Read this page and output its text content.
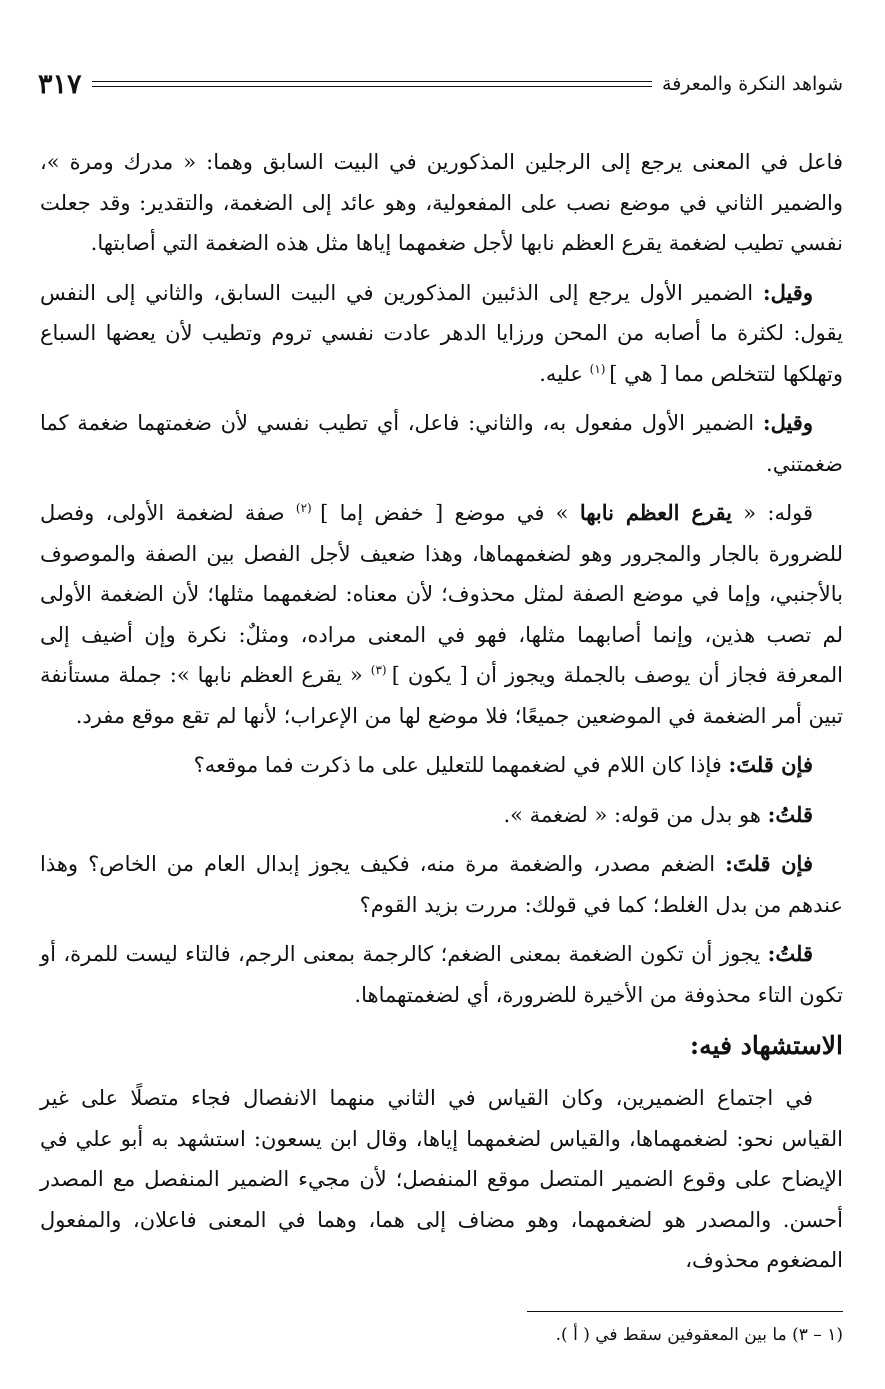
شواهد النكرة والمعرفة
٣١٧

فاعل في المعنى يرجع إلى الرجلين المذكورين في البيت السابق وهما: « مدرك ومرة »، والضمير الثاني في موضع نصب على المفعولية، وهو عائد إلى الضغمة، والتقدير: وقد جعلت نفسي تطيب لضغمة يقرع العظم نابها لأجل ضغمهما إياها مثل هذه الضغمة التي أصابتها.

وقيل: الضمير الأول يرجع إلى الذئبين المذكورين في البيت السابق، والثاني إلى النفس يقول: لكثرة ما أصابه من المحن ورزايا الدهر عادت نفسي تروم وتطيب لأن يعضها السباع وتهلكها لتتخلص مما [ هي ] $^{(١)}$ عليه.

وقيل: الضمير الأول مفعول به، والثاني: فاعل، أي تطيب نفسي لأن ضغمتهما ضغمة كما ضغمتني.

قوله: « يقرع العظم نابها » في موضع [ خفض إما ] $^{(٢)}$ صفة لضغمة الأولى، وفصل للضرورة بالجار والمجرور وهو لضغمهماها، وهذا ضعيف لأجل الفصل بين الصفة والموصوف بالأجنبي، وإما في موضع الصفة لمثل محذوف؛ لأن معناه: لضغمهما مثلها؛ لأن الضغمة الأولى لم تصب هذين، وإنما أصابهما مثلها، فهو في المعنى مراده، ومثلٌ: نكرة وإن أضيف إلى المعرفة فجاز أن يوصف بالجملة ويجوز أن [ يكون ] $^{(٣)}$ « يقرع العظم نابها »: جملة مستأنفة تبين أمر الضغمة في الموضعين جميعًا؛ فلا موضع لها من الإعراب؛ لأنها لم تقع موقع مفرد.

فإن قلتَ: فإذا كان اللام في لضغمهما للتعليل على ما ذكرت فما موقعه؟

قلتُ: هو بدل من قوله: « لضغمة ».

فإن قلتَ: الضغم مصدر، والضغمة مرة منه، فكيف يجوز إبدال العام من الخاص؟ وهذا عندهم من بدل الغلط؛ كما في قولك: مررت بزيد القوم؟

قلتُ: يجوز أن تكون الضغمة بمعنى الضغم؛ كالرجمة بمعنى الرجم، فالتاء ليست للمرة، أو تكون التاء محذوفة من الأخيرة للضرورة، أي لضغمتهماها.

الاستشهاد فيه:

في اجتماع الضميرين، وكان القياس في الثاني منهما الانفصال فجاء متصلًا على غير القياس نحو: لضغمهماها، والقياس لضغمهما إياها، وقال ابن يسعون: استشهد به أبو علي في الإيضاح على وقوع الضمير المتصل موقع المنفصل؛ لأن مجيء الضمير المنفصل مع المصدر أحسن. والمصدر هو لضغمهما، وهو مضاف إلى هما، وهما في المعنى فاعلان، والمفعول المضغوم محذوف،

(١ – ٣) ما بين المعقوفين سقط في ( أ ).
